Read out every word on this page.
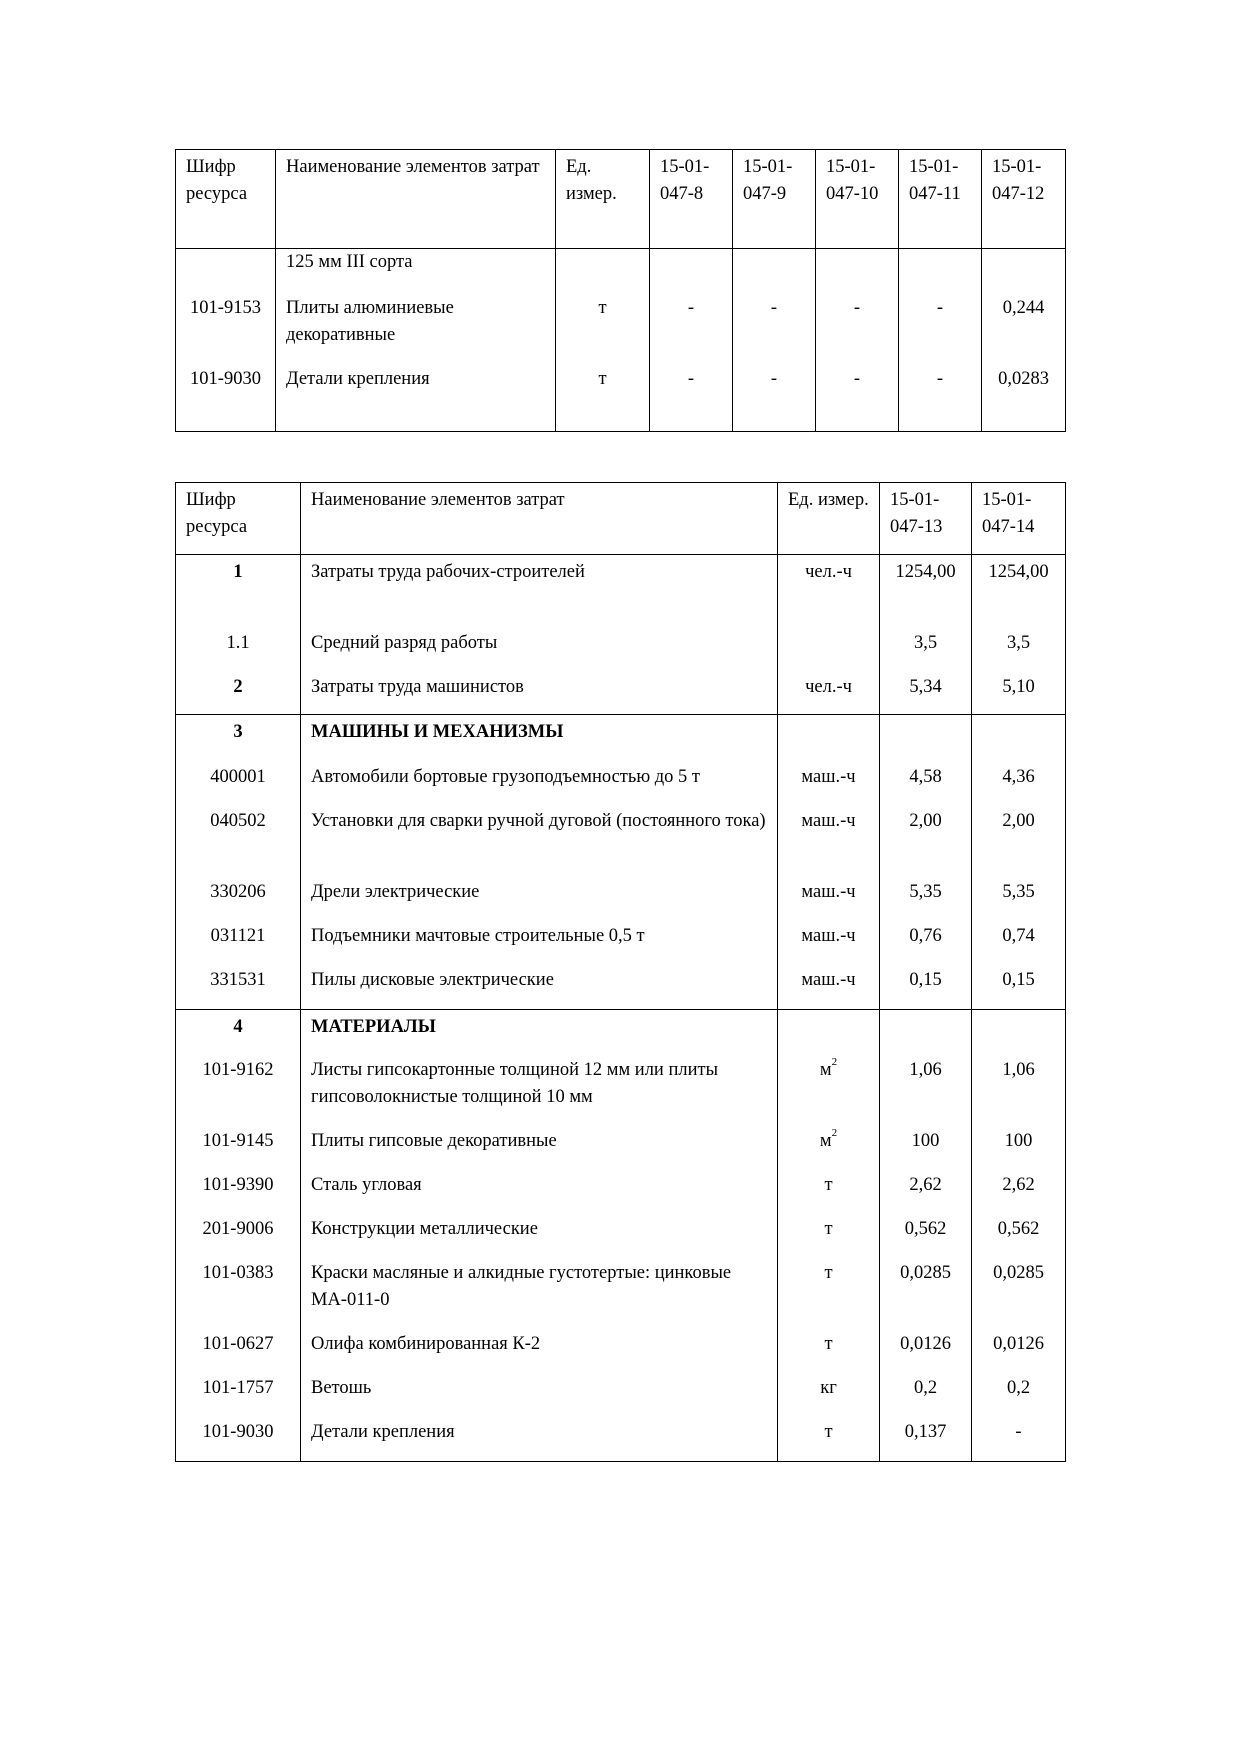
Шифр ресурса	Наименование элементов затрат	Ед. измер.	15-01-047-8	15-01-047-9	15-01-047-10	15-01-047-11	15-01-047-12
	125 мм III сорта						
101-9153	Плиты алюминиевые декоративные	т	-	-	-	-	0,244
101-9030	Детали крепления	т	-	-	-	-	0,0283
Шифр ресурса	Наименование элементов затрат	Ед. измер.	15-01-047-13	15-01-047-14
1	Затраты труда рабочих-строителей	чел.-ч	1254,00	1254,00
1.1	Средний разряд работы		3,5	3,5
2	Затраты труда машинистов	чел.-ч	5,34	5,10
3	МАШИНЫ И МЕХАНИЗМЫ			
400001	Автомобили бортовые грузоподъемностью до 5 т	маш.-ч	4,58	4,36
040502	Установки для сварки ручной дуговой (постоянного тока)	маш.-ч	2,00	2,00
330206	Дрели электрические	маш.-ч	5,35	5,35
031121	Подъемники мачтовые строительные 0,5 т	маш.-ч	0,76	0,74
331531	Пилы дисковые электрические	маш.-ч	0,15	0,15
4	МАТЕРИАЛЫ			
101-9162	Листы гипсокартонные толщиной 12 мм или плиты гипсоволокнистые толщиной 10 мм	$м^2$	1,06	1,06
101-9145	Плиты гипсовые декоративные	$м^2$	100	100
101-9390	Сталь угловая	т	2,62	2,62
201-9006	Конструкции металлические	т	0,562	0,562
101-0383	Краски масляные и алкидные густотертые: цинковые МА-011-0	т	0,0285	0,0285
101-0627	Олифа комбинированная К-2	т	0,0126	0,0126
101-1757	Ветошь	кг	0,2	0,2
101-9030	Детали крепления	т	0,137	-
